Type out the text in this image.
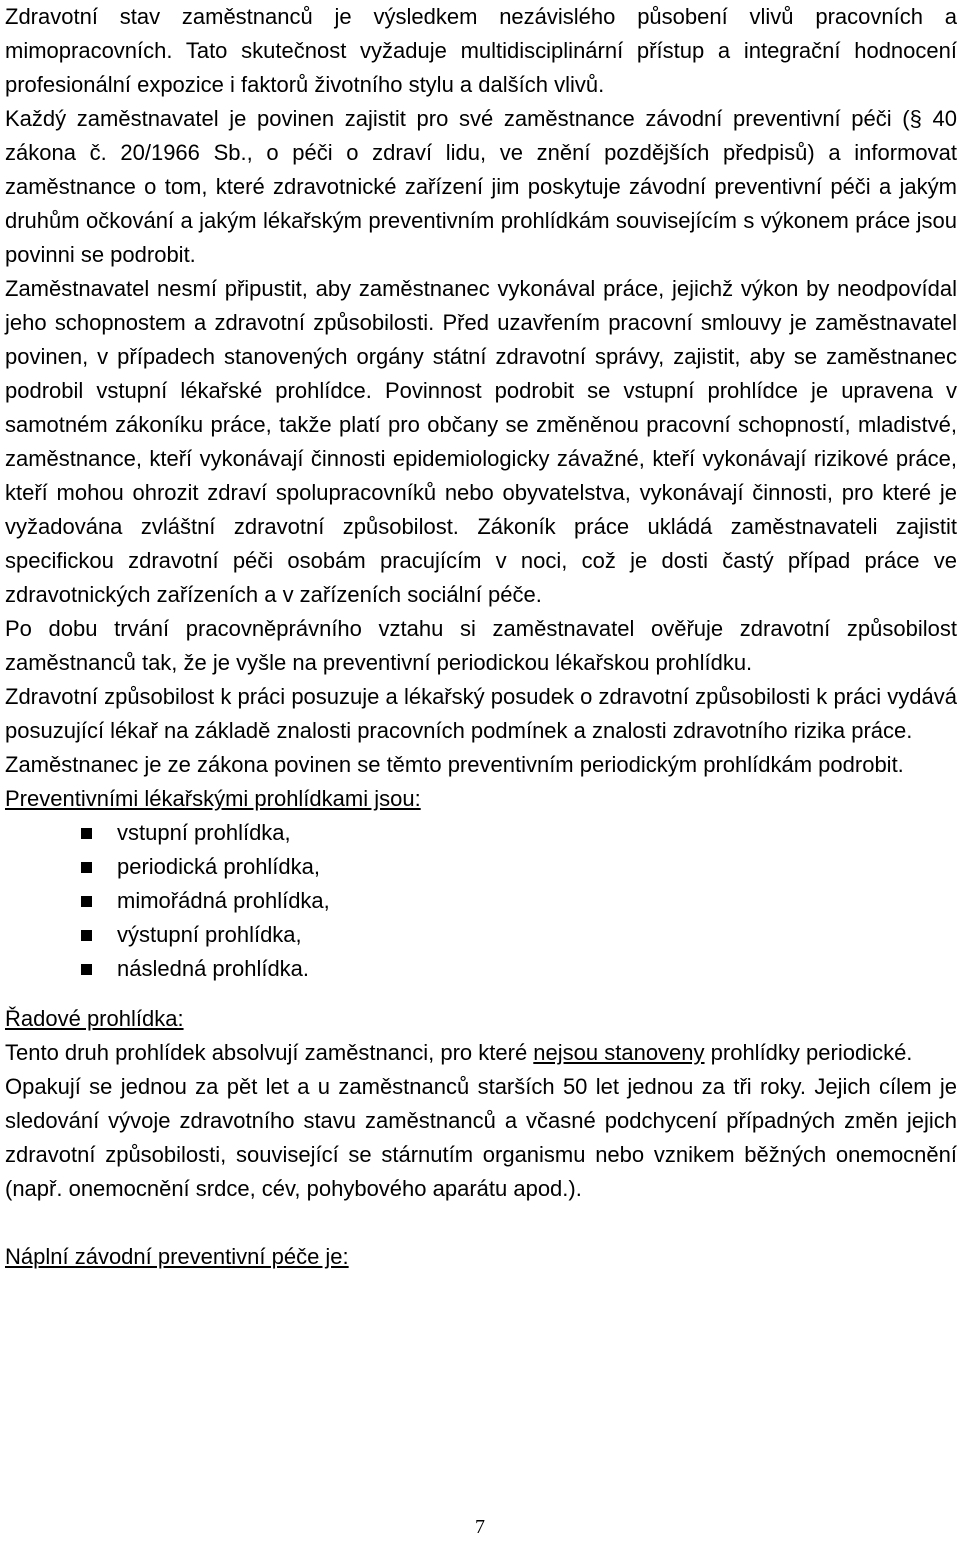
Zdravotní stav zaměstnanců je výsledkem nezávislého působení vlivů pracovních a mimopracovních. Tato skutečnost vyžaduje multidisciplinární přístup a integrační hodnocení profesionální expozice i faktorů životního stylu a dalších vlivů.

Každý zaměstnavatel je povinen zajistit pro své zaměstnance závodní preventivní péči (§ 40 zákona č. 20/1966 Sb., o péči o zdraví lidu, ve znění pozdějších předpisů) a informovat zaměstnance o tom, které zdravotnické zařízení jim poskytuje závodní preventivní péči a jakým druhům očkování a jakým lékařským preventivním prohlídkám souvisejícím s výkonem práce jsou povinni se podrobit.

Zaměstnavatel nesmí připustit, aby zaměstnanec vykonával práce, jejichž výkon by neodpovídal jeho schopnostem a zdravotní způsobilosti. Před uzavřením pracovní smlouvy je zaměstnavatel povinen, v případech stanovených orgány státní zdravotní správy, zajistit, aby se zaměstnanec podrobil vstupní lékařské prohlídce. Povinnost podrobit se vstupní prohlídce je upravena v samotném zákoníku práce, takže platí pro občany se změněnou pracovní schopností, mladistvé, zaměstnance, kteří vykonávají činnosti epidemiologicky závažné, kteří vykonávají rizikové práce, kteří mohou ohrozit zdraví spolupracovníků nebo obyvatelstva, vykonávají činnosti, pro které je vyžadována zvláštní zdravotní způsobilost. Zákoník práce ukládá zaměstnavateli zajistit specifickou zdravotní péči osobám pracujícím v noci, což je dosti častý případ práce ve zdravotnických zařízeních a v zařízeních sociální péče.

Po dobu trvání pracovněprávního vztahu si zaměstnavatel ověřuje zdravotní způsobilost zaměstnanců tak, že je vyšle na preventivní periodickou lékařskou prohlídku.

Zdravotní způsobilost k práci posuzuje a lékařský posudek o zdravotní způsobilosti k práci vydává posuzující lékař na základě znalosti pracovních podmínek a znalosti zdravotního rizika práce.

Zaměstnanec je ze zákona povinen se těmto preventivním periodickým prohlídkám podrobit.

Preventivními lékařskými prohlídkami jsou:

vstupní prohlídka,
periodická prohlídka,
mimořádná prohlídka,
výstupní prohlídka,
následná prohlídka.

Řadové prohlídka:

Tento druh prohlídek absolvují zaměstnanci, pro které nejsou stanoveny prohlídky periodické.

Opakují se jednou za pět let a u zaměstnanců starších 50 let jednou za tři roky. Jejich cílem je sledování vývoje zdravotního stavu zaměstnanců a včasné podchycení případných změn jejich zdravotní způsobilosti, související se stárnutím organismu nebo vznikem běžných onemocnění (např. onemocnění srdce, cév, pohybového aparátu apod.).

Náplní závodní preventivní péče je:

7
